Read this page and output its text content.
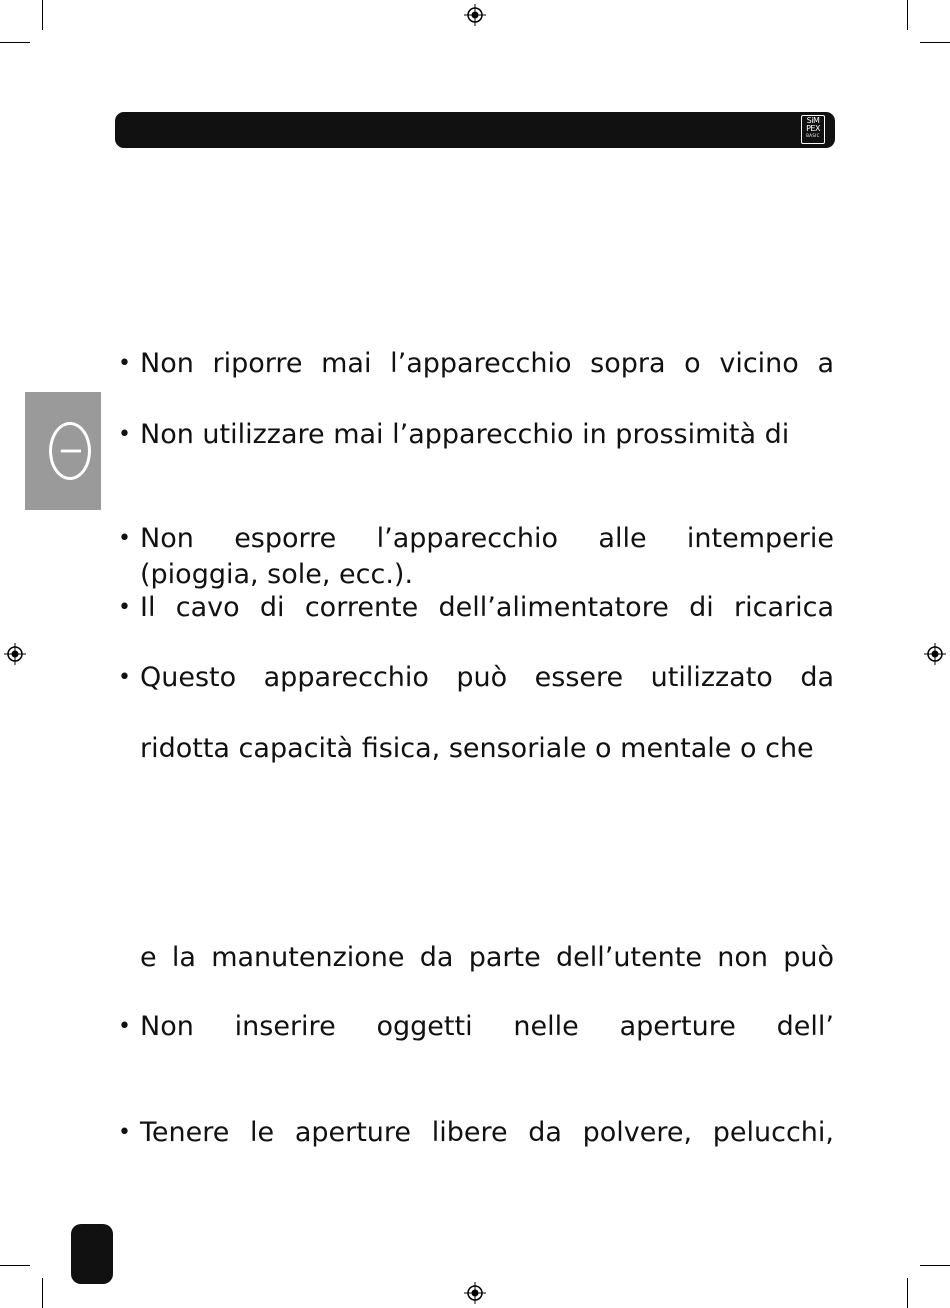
SiM
PEX
BASIC
I
• Non riporre mai l’apparecchio sopra o vicino a
• Non utilizzare mai l’apparecchio in prossimità di
• Non esporre l’apparecchio alle intemperie
(pioggia, sole, ecc.).
• Il cavo di corrente dell’alimentatore di ricarica
• Questo apparecchio può essere utilizzato da
ridotta capacità fisica, sensoriale o mentale o che
e la manutenzione da parte dell’utente non può
• Non inserire oggetti nelle aperture dell’
• Tenere le aperture libere da polvere, pelucchi,
